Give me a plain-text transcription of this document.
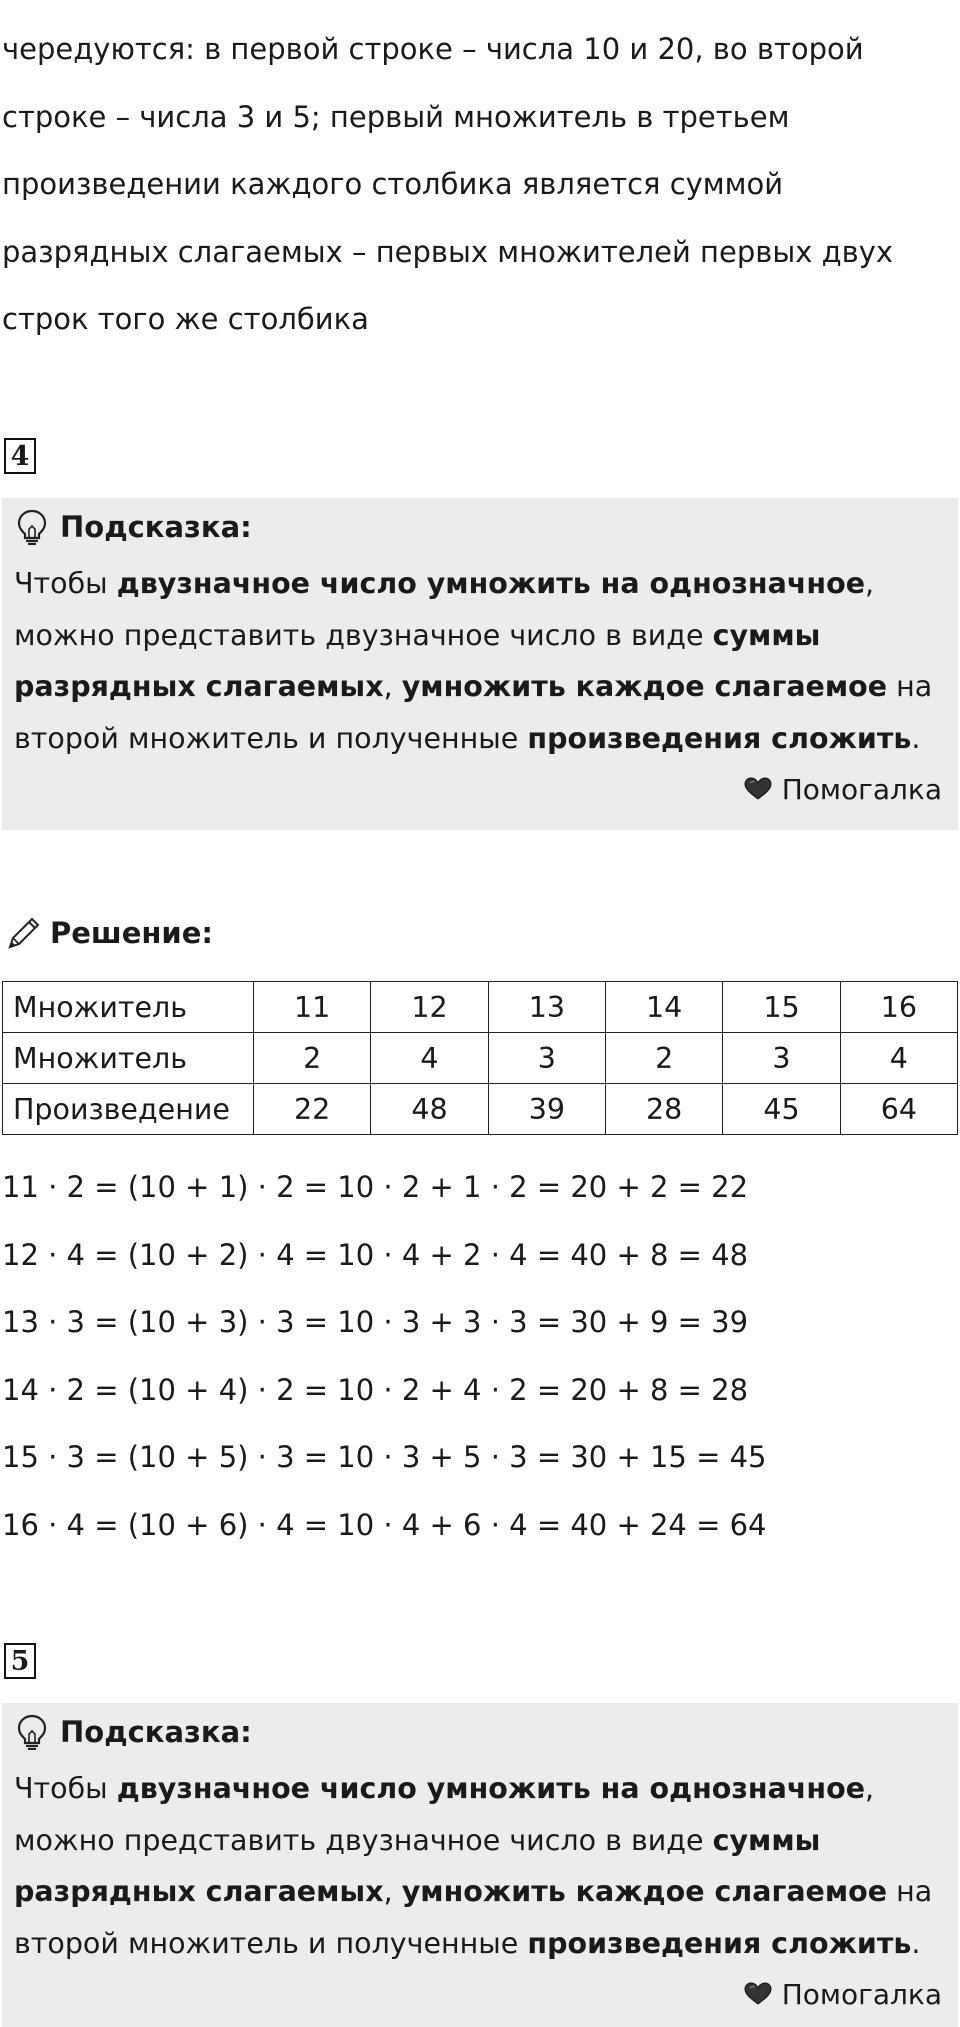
чередуются: в первой строке – числа 10 и 20, во второй
строке – числа 3 и 5; первый множитель в третьем
произведении каждого столбика является суммой
разрядных слагаемых – первых множителей первых двух
строк того же столбика
4
Подсказка:
Чтобы двузначное число умножить на однозначное,
можно представить двузначное число в виде суммы
разрядных слагаемых, умножить каждое слагаемое на
второй множитель и полученные произведения сложить.
Помогалка
Решение:
Множитель	11	12	13	14	15	16
Множитель	2	4	3	2	3	4
Произведение	22	48	39	28	45	64
11 · 2 = (10 + 1) · 2 = 10 · 2 + 1 · 2 = 20 + 2 = 22
12 · 4 = (10 + 2) · 4 = 10 · 4 + 2 · 4 = 40 + 8 = 48
13 · 3 = (10 + 3) · 3 = 10 · 3 + 3 · 3 = 30 + 9 = 39
14 · 2 = (10 + 4) · 2 = 10 · 2 + 4 · 2 = 20 + 8 = 28
15 · 3 = (10 + 5) · 3 = 10 · 3 + 5 · 3 = 30 + 15 = 45
16 · 4 = (10 + 6) · 4 = 10 · 4 + 6 · 4 = 40 + 24 = 64
5
Подсказка:
Чтобы двузначное число умножить на однозначное,
можно представить двузначное число в виде суммы
разрядных слагаемых, умножить каждое слагаемое на
второй множитель и полученные произведения сложить.
Помогалка
